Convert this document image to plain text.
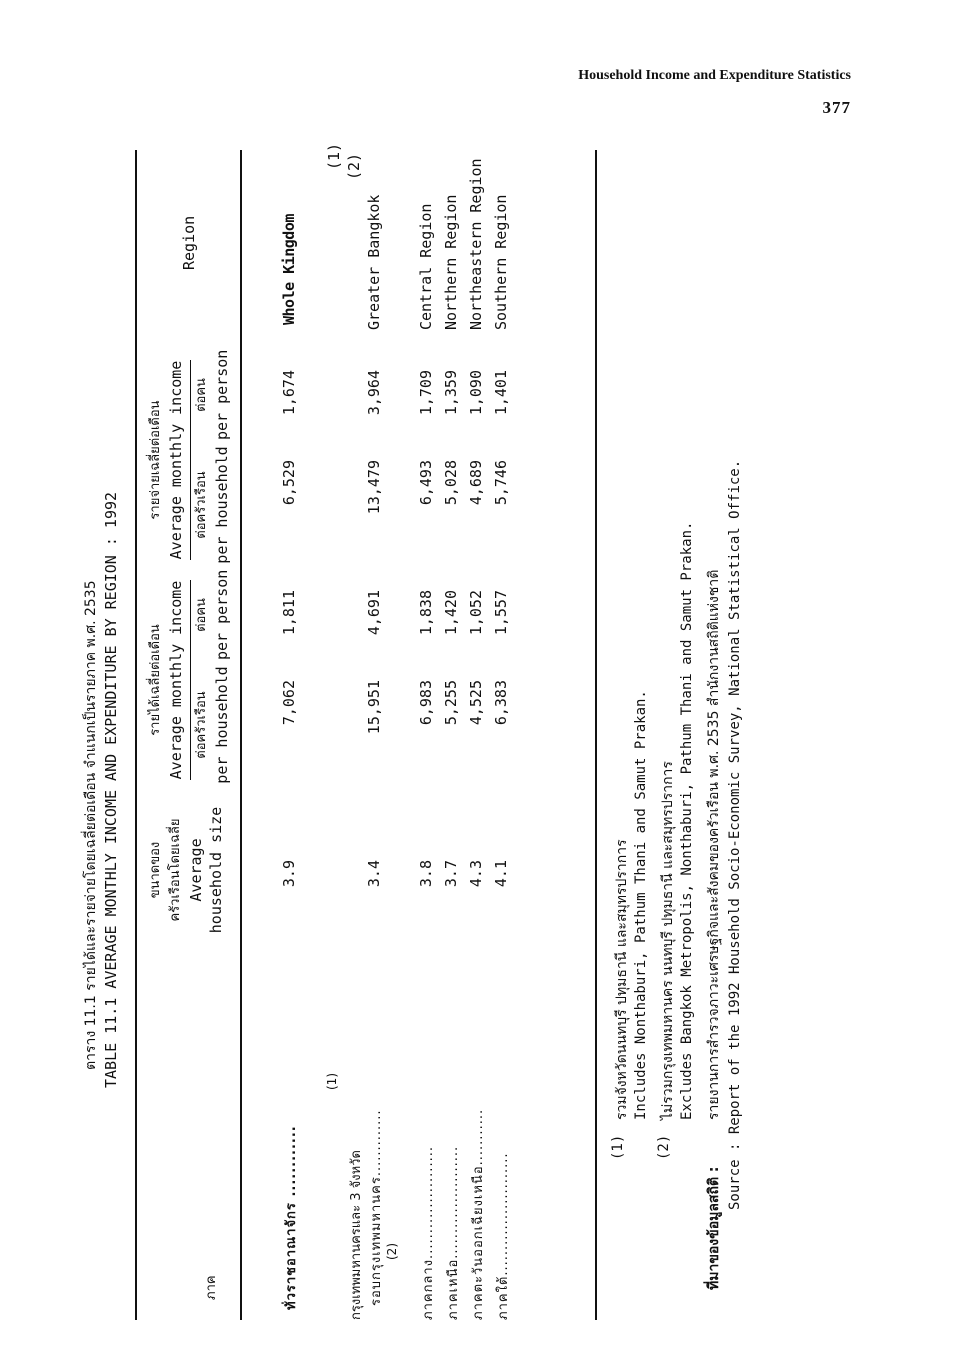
Household Income and Expenditure Statistics
377
ตาราง 11.1 รายได้และรายจ่ายโดยเฉลี่ยต่อเดือน จำแนกเป็นรายภาค พ.ศ. 2535 TABLE 11.1 AVERAGE MONTHLY INCOME AND EXPENDITURE BY REGION : 1992
ภาค
ขนาดของ ครัวเรือนโดยเฉลี่ย Average household size
รายได้เฉลี่ยต่อเดือน Average monthly income ต่อครัวเรือน per household
ต่อคน per person
รายจ่ายเฉลี่ยต่อเดือน Average monthly income ต่อครัวเรือน per household
ต่อคน per person
Region
ทั่วราชอาณาจักร ............
3.9
7,062
1,811
6,529
1,674
Whole Kingdom
(1)
กรุงเทพมหานครและ 3 จังหวัด รอบกรุงเทพมหานคร.............
(2)
3.4
15,951
4,691
13,479
3,964
(1)
Greater Bangkok
(2)
ภาคกลาง......................
3.8
6,983
1,838
6,493
1,709
Central Region
ภาคเหนือ......................
3.7
5,255
1,420
5,028
1,359
Northern Region
ภาคตะวันออกเฉียงเหนือ...........
4.3
4,525
1,052
4,689
1,090
Northeastern Region
ภาคใต้........................
4.1
6,383
1,557
5,746
1,401
Southern Region
(1)
รวมจังหวัดนนทบุรี ปทุมธานี และสมุทรปราการ Includes Nonthaburi, Pathum Thani and Samut Prakan.
(2)
ไม่รวมกรุงเทพมหานคร นนทบุรี ปทุมธานี และสมุทรปราการ Excludes Bangkok Metropolis, Nonthaburi, Pathum Thani and Samut Prakan.
ที่มาของข้อมูลสถิติ :
รายงานการสำรวจภาวะเศรษฐกิจและสังคมของครัวเรือน พ.ศ. 2535 สำนักงานสถิติแห่งชาติ Source : Report of the 1992 Household Socio-Economic Survey, National Statistical Office.
